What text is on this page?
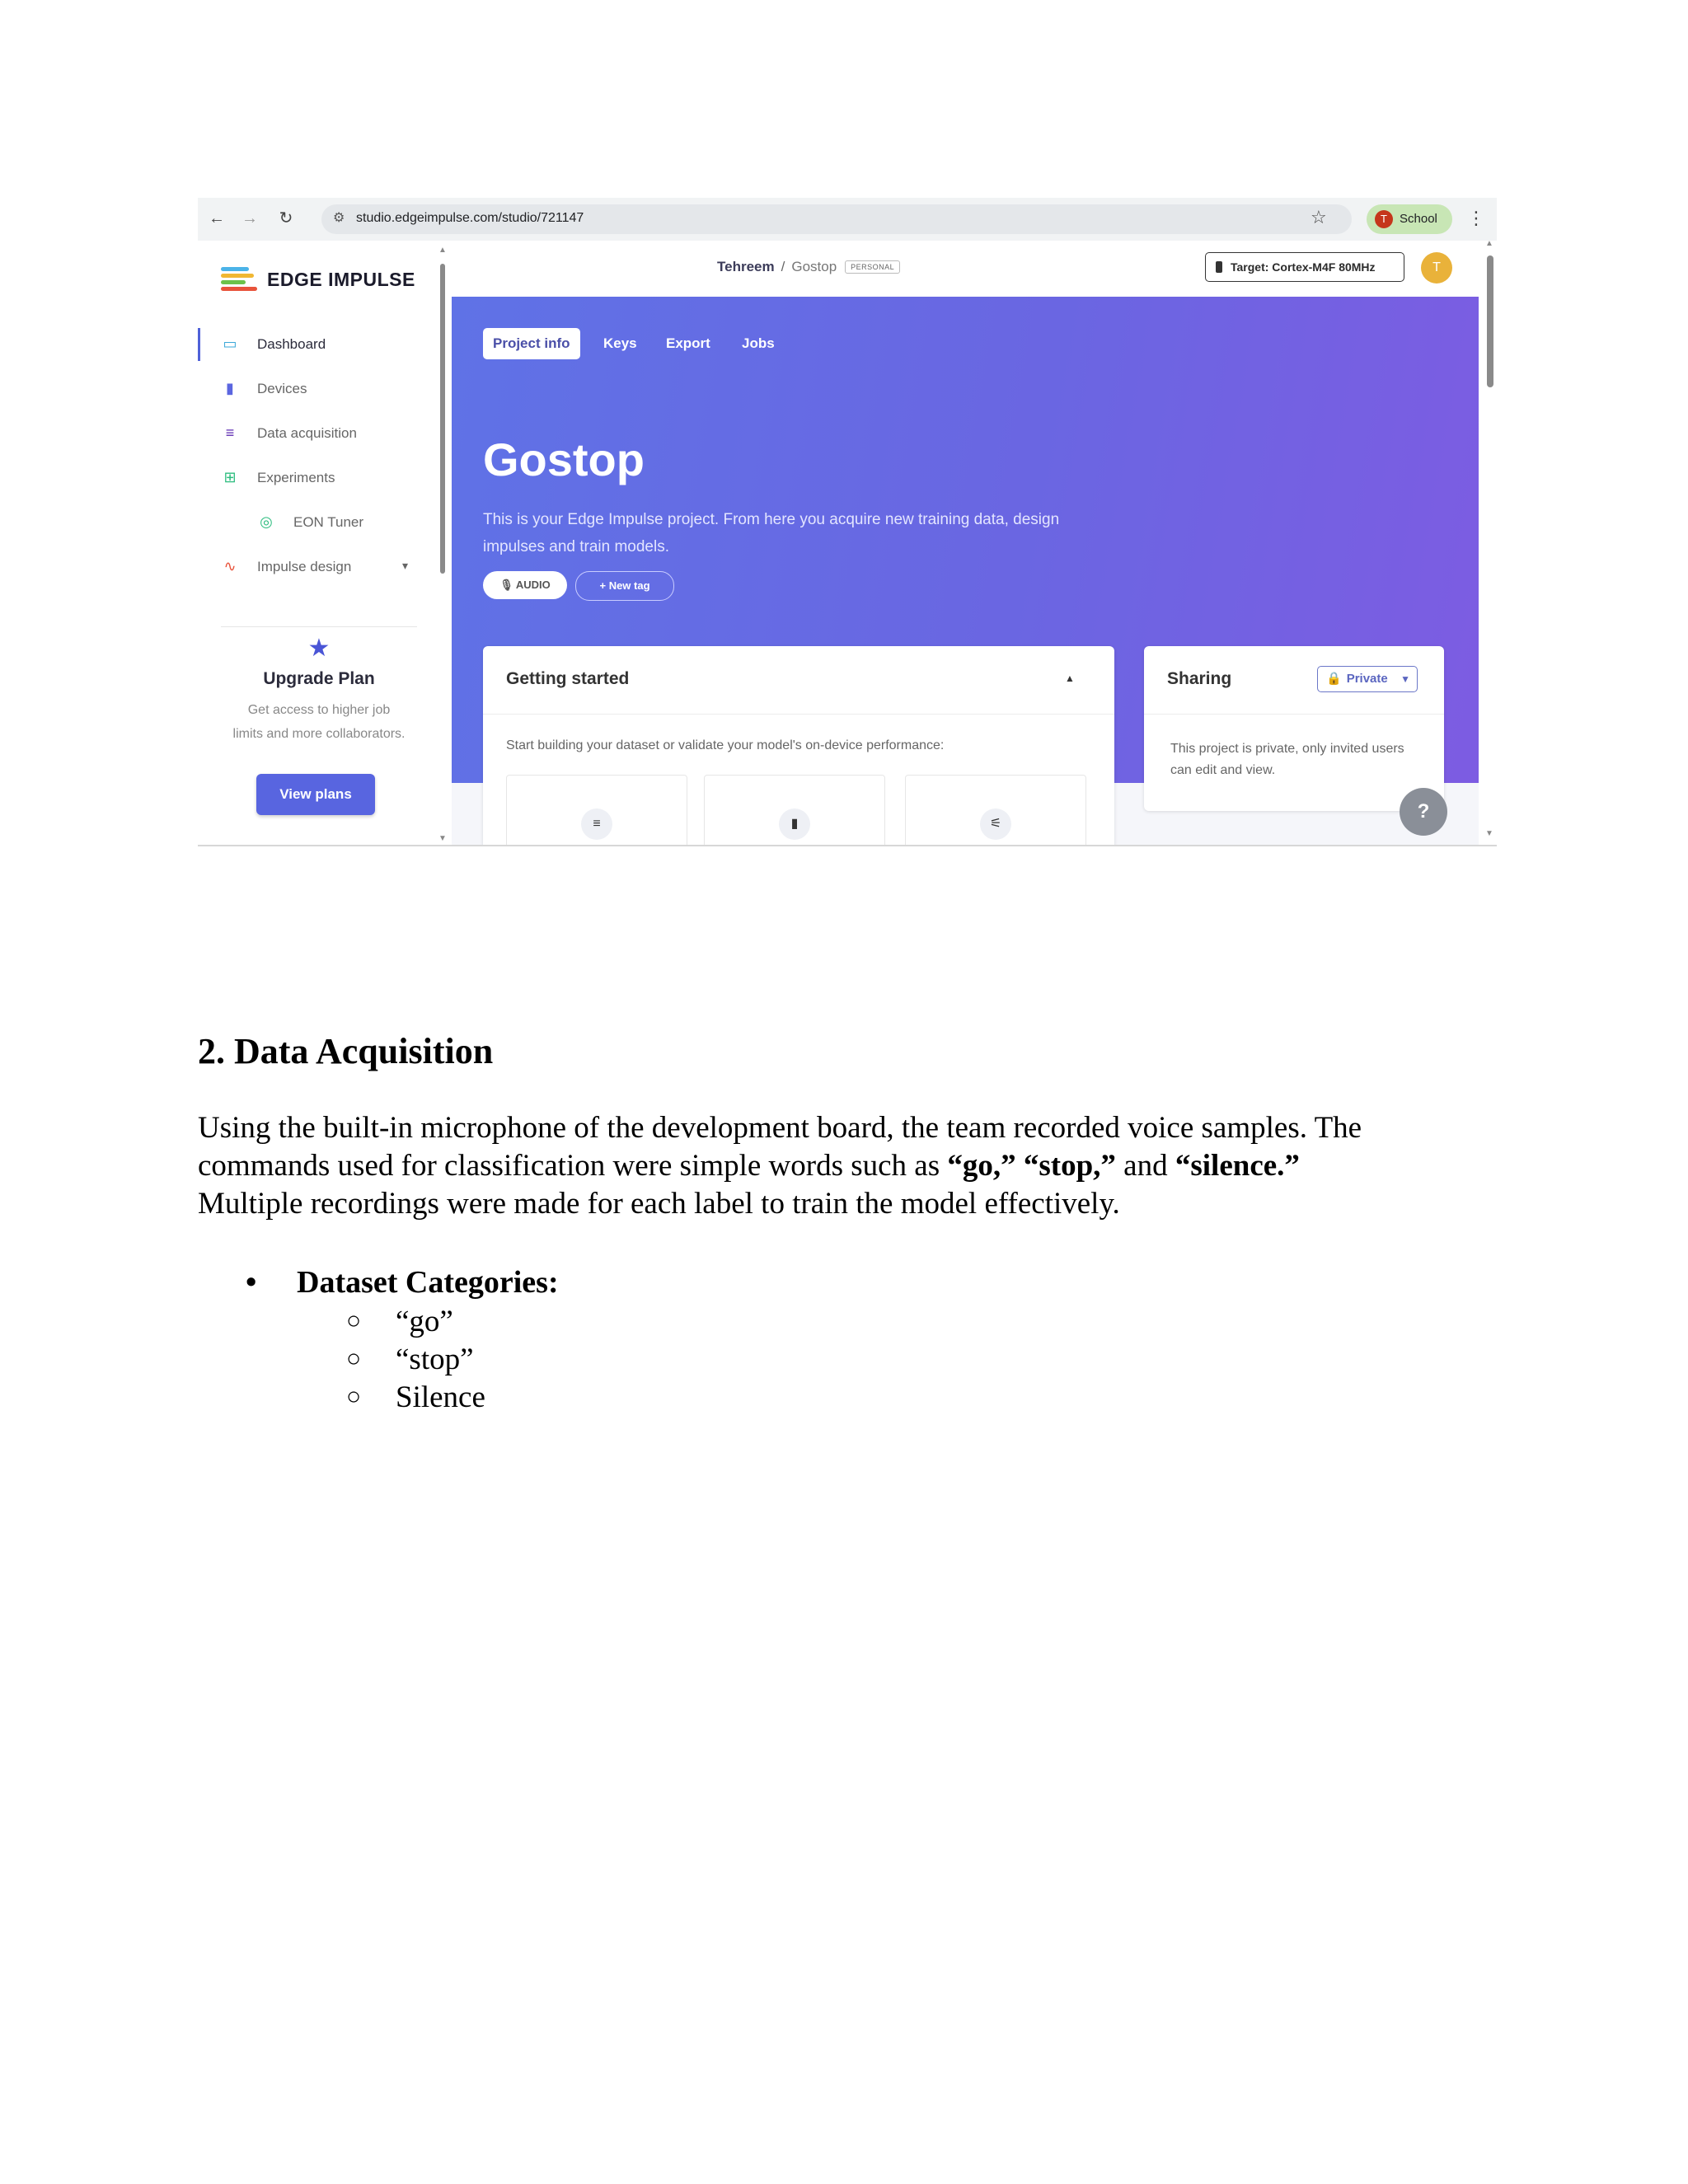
← → ↻	⚙ studio.edgeimpulse.com/studio/721147	☆	T	School ⋮
EDGE IMPULSE
▭ Dashboard
▮	Devices
≡	Data acquisition
⊞ Experiments
◎ EON Tuner
∿ Impulse design	▾
★
Upgrade Plan
Get access to higher job limits and more collaborators.
View plans
▲
▼
Tehreem / Gostop PERSONAL	Target: Cortex-M4F 80MHz	T
Project info	Keys Export Jobs
Gostop
This is your Edge Impulse project. From here you acquire new training data, design impulses and train models.
🎙 AUDIO	+ New tag
Getting started	▲
Start building your dataset or validate your model's on-device performance:
≡	▮	⚟
Sharing	🔒 Private ▼
This project is private, only invited users can edit and view.
?
▲
▼
2. Data Acquisition

Using the built-in microphone of the development board, the team recorded voice samples. The

commands used for classification were simple words such as “go,” “stop,” and “silence.”

Multiple recordings were made for each label to train the model effectively.

•	Dataset Categories:
○ “go”
○ “stop”
○ Silence
